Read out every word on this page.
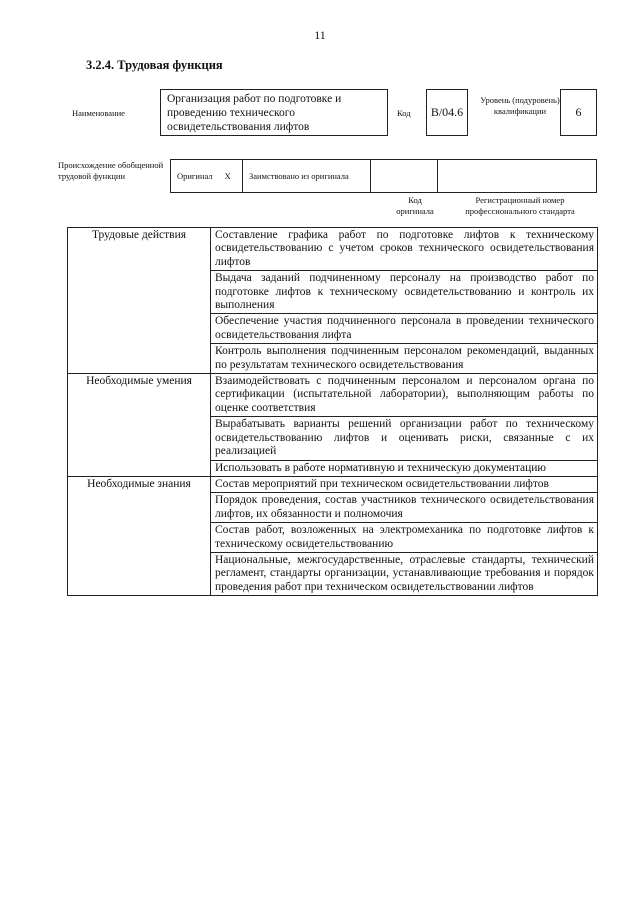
11
3.2.4. Трудовая функция
Наименование
Организация работ по подготовке и проведению технического освидетельствования лифтов
Код	В/04.6
Уровень (подуровень) квалификации	6
Происхождение обобщенной трудовой функции	Оригинал X Заимствовано из оригинала
Код оригинала
Регистрационный номер профессионального стандарта
Трудовые действия	Составление графика работ по подготовке лифтов к техническому освидетельствованию с учетом сроков технического освидетельствования лифтов
	Выдача заданий подчиненному персоналу на производство работ по подготовке лифтов к техническому освидетельствованию и контроль их выполнения
	Обеспечение участия подчиненного персонала в проведении технического освидетельствования лифта
	Контроль выполнения подчиненным персоналом рекомендаций, выданных по результатам технического освидетельствования
Необходимые умения	Взаимодействовать с подчиненным персоналом и персоналом органа по сертификации (испытательной лаборатории), выполняющим работы по оценке соответствия
	Вырабатывать варианты решений организации работ по техническому освидетельствованию лифтов и оценивать риски, связанные с их реализацией
	Использовать в работе нормативную и техническую документацию
Необходимые знания	Состав мероприятий при техническом освидетельствовании лифтов
	Порядок проведения, состав участников технического освидетельствования лифтов, их обязанности и полномочия
	Состав работ, возложенных на электромеханика по подготовке лифтов к техническому освидетельствованию
	Национальные, межгосударственные, отраслевые стандарты, технический регламент, стандарты организации, устанавливающие требования и порядок проведения работ при техническом освидетельствовании лифтов
